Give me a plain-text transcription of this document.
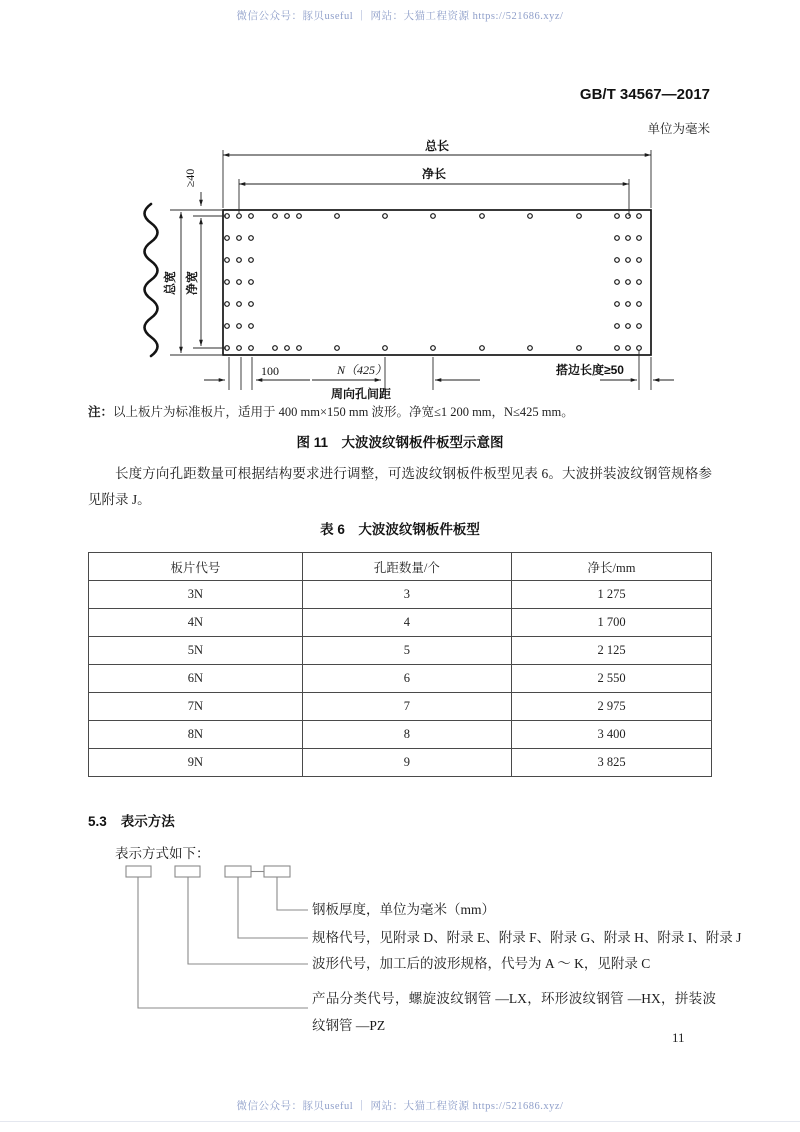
微信公众号：豚贝useful ｜ 网站：大猫工程资源 https://521686.xyz/
GB/T 34567—2017
单位为毫米
总长
净长
总宽 净宽
≥40
100	N（425）
周向孔间距
搭边长度≥50
注：以上板片为标准板片，适用于 400 mm×150 mm 波形。净宽≤1 200 mm，N≤425 mm。
图 11　大波波纹钢板件板型示意图
长度方向孔距数量可根据结构要求进行调整，可选波纹钢板件板型见表 6。大波拼装波纹钢管规格参见附录 J。
表 6　大波波纹钢板件板型
板片代号	孔距数量/个	净长/mm
3N	3	1 275
4N	4	1 700
5N	5	2 125
6N	6	2 550
7N	7	2 975
8N	8	3 400
9N	9	3 825
5.3 表示方法
表示方式如下：
钢板厚度，单位为毫米（mm）
规格代号，见附录 D、附录 E、附录 F、附录 G、附录 H、附录 I、附录 J
波形代号，加工后的波形规格，代号为 A ～ K，见附录 C
产品分类代号，螺旋波纹钢管 —LX，环形波纹钢管 —HX，拼装波纹钢管 —PZ
11
微信公众号：豚贝useful ｜ 网站：大猫工程资源 https://521686.xyz/
